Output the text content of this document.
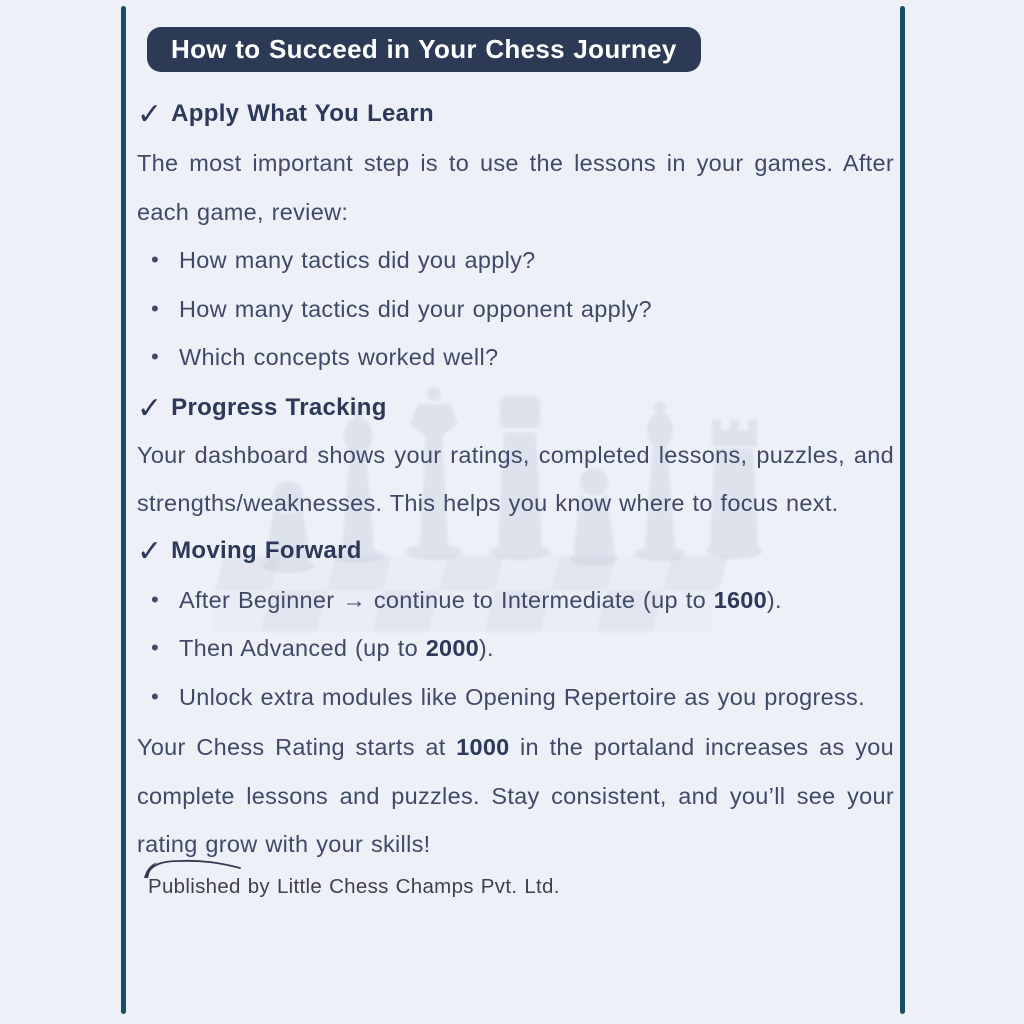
How to Succeed in Your Chess Journey
✓ Apply What You Learn
The most important step is to use the lessons in your games. After each game, review:
• How many tactics did you apply?
• How many tactics did your opponent apply?
• Which concepts worked well?
✓ Progress Tracking
Your dashboard shows your ratings, completed lessons, puzzles, and strengths/weaknesses. This helps you know where to focus next.
✓ Moving Forward
• After Beginner → continue to Intermediate (up to 1600).
• Then Advanced (up to 2000).
• Unlock extra modules like Opening Repertoire as you progress.
Your Chess Rating starts at 1000 in the portaland increases as you complete lessons and puzzles. Stay consistent, and you’ll see your rating grow with your skills!
Published by Little Chess Champs Pvt. Ltd.
